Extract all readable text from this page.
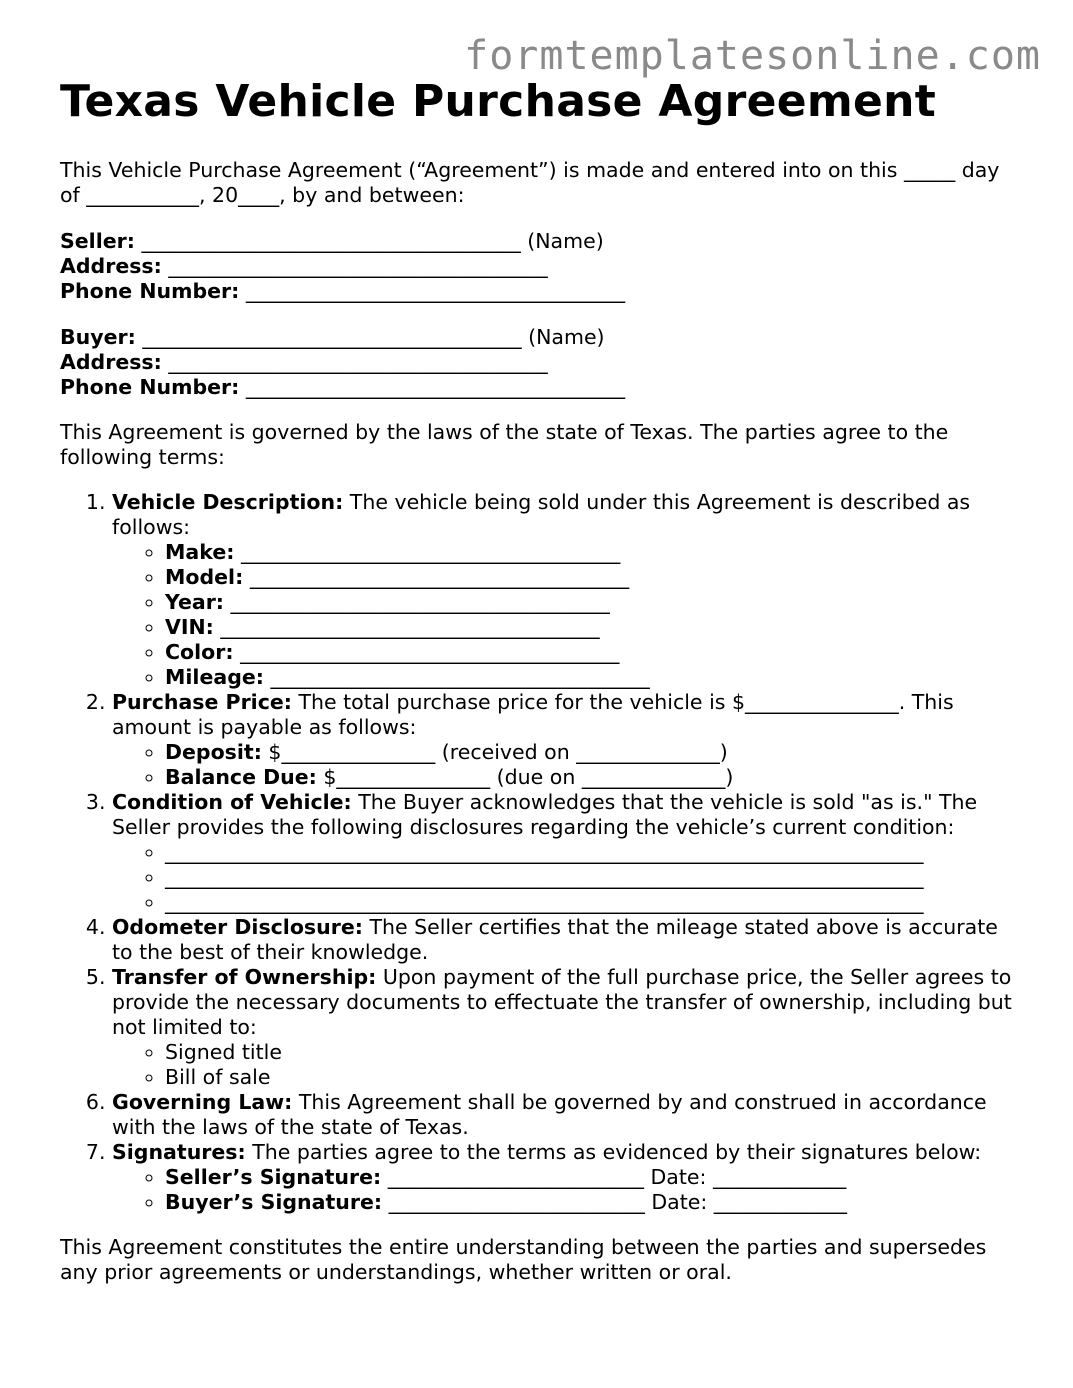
formtemplatesonline.com
Texas Vehicle Purchase Agreement

This Vehicle Purchase Agreement (“Agreement”) is made and entered into on this _____ day of ___________, 20____, by and between:

Seller: _____________________________________ (Name)
Address: _____________________________________
Phone Number: _____________________________________
Buyer: _____________________________________ (Name)
Address: _____________________________________
Phone Number: _____________________________________

This Agreement is governed by the laws of the state of Texas. The parties agree to the following terms:

1. Vehicle Description: The vehicle being sold under this Agreement is described as follows:
◦ Make: _____________________________________
◦ Model: _____________________________________
◦ Year: _____________________________________
◦ VIN: _____________________________________
◦ Color: _____________________________________
◦ Mileage: _____________________________________
2. Purchase Price: The total purchase price for the vehicle is $_______________. This amount is payable as follows:
◦ Deposit: $_______________ (received on ______________)
◦ Balance Due: $_______________ (due on ______________)
3. Condition of Vehicle: The Buyer acknowledges that the vehicle is sold "as is." The Seller provides the following disclosures regarding the vehicle’s current condition:
◦ __________________________________________________________________________
◦ __________________________________________________________________________
◦ __________________________________________________________________________
4. Odometer Disclosure: The Seller certifies that the mileage stated above is accurate to the best of their knowledge.
5. Transfer of Ownership: Upon payment of the full purchase price, the Seller agrees to provide the necessary documents to effectuate the transfer of ownership, including but not limited to:
◦ Signed title
◦ Bill of sale
6. Governing Law: This Agreement shall be governed by and construed in accordance with the laws of the state of Texas.
7. Signatures: The parties agree to the terms as evidenced by their signatures below:
◦ Seller’s Signature: _________________________ Date: _____________
◦ Buyer’s Signature: _________________________ Date: _____________

This Agreement constitutes the entire understanding between the parties and supersedes any prior agreements or understandings, whether written or oral.
